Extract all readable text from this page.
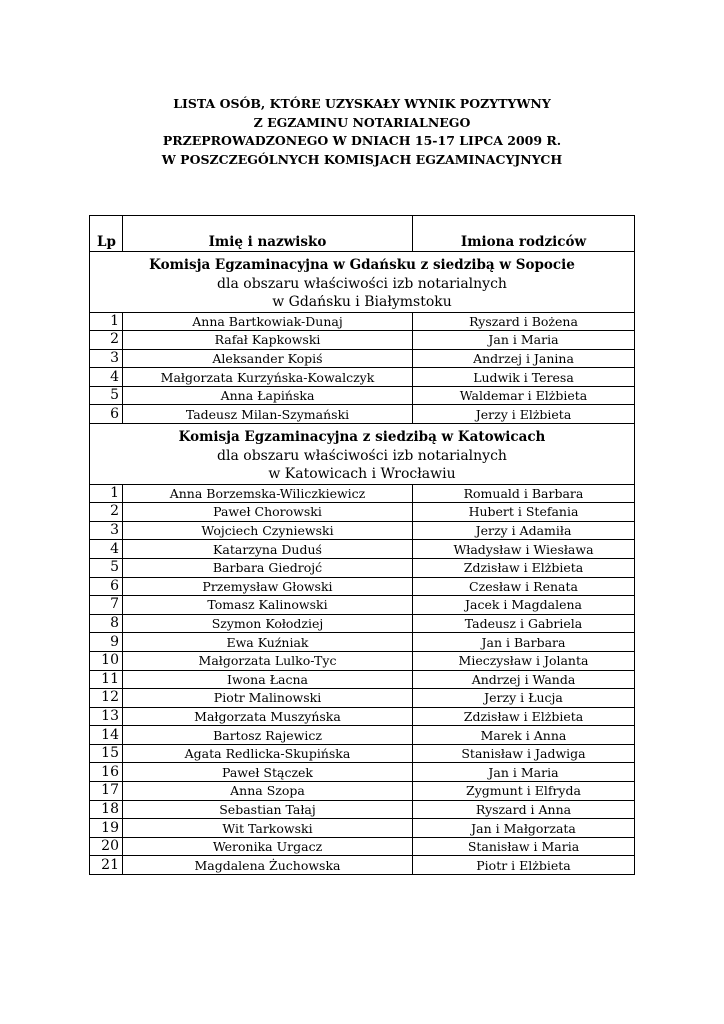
LISTA OSÓB, KTÓRE UZYSKAŁY WYNIK POZYTYWNY
Z EGZAMINU NOTARIALNEGO
PRZEPROWADZONEGO W DNIACH 15-17 LIPCA 2009 R.
W POSZCZEGÓLNYCH KOMISJACH EGZAMINACYJNYCH
Lp	Imię i nazwisko	Imiona rodziców

Komisja Egzaminacyjna w Gdańsku z siedzibą w Sopocie
dla obszaru właściwości izb notarialnych
w Gdańsku i Białymstoku		

1	Anna Bartkowiak-Dunaj	Ryszard i Bożena
2	Rafał Kapkowski	Jan i Maria
3	Aleksander Kopiś	Andrzej i Janina
4	Małgorzata Kurzyńska-Kowalczyk	Ludwik i Teresa
5	Anna Łapińska	Waldemar i Elżbieta
6	Tadeusz Milan-Szymański	Jerzy i Elżbieta

Komisja Egzaminacyjna z siedzibą w Katowicach
dla obszaru właściwości izb notarialnych
w Katowicach i Wrocławiu		

1	Anna Borzemska-Wiliczkiewicz	Romuald i Barbara
2	Paweł Chorowski	Hubert i Stefania
3	Wojciech Czyniewski	Jerzy i Adamiła
4	Katarzyna Duduś	Władysław i Wiesława
5	Barbara Giedrojć	Zdzisław i Elżbieta
6	Przemysław Głowski	Czesław i Renata
7	Tomasz Kalinowski	Jacek i Magdalena
8	Szymon Kołodziej	Tadeusz i Gabriela
9	Ewa Kuźniak	Jan i Barbara
10	Małgorzata Lulko-Tyc	Mieczysław i Jolanta
11	Iwona Łacna	Andrzej i Wanda
12	Piotr Malinowski	Jerzy i Łucja
13	Małgorzata Muszyńska	Zdzisław i Elżbieta
14	Bartosz Rajewicz	Marek i Anna
15	Agata Redlicka-Skupińska	Stanisław i Jadwiga
16	Paweł Stączek	Jan i Maria
17	Anna Szopa	Zygmunt i Elfryda
18	Sebastian Tałaj	Ryszard i Anna
19	Wit Tarkowski	Jan i Małgorzata
20	Weronika Urgacz	Stanisław i Maria
21	Magdalena Żuchowska	Piotr i Elżbieta
